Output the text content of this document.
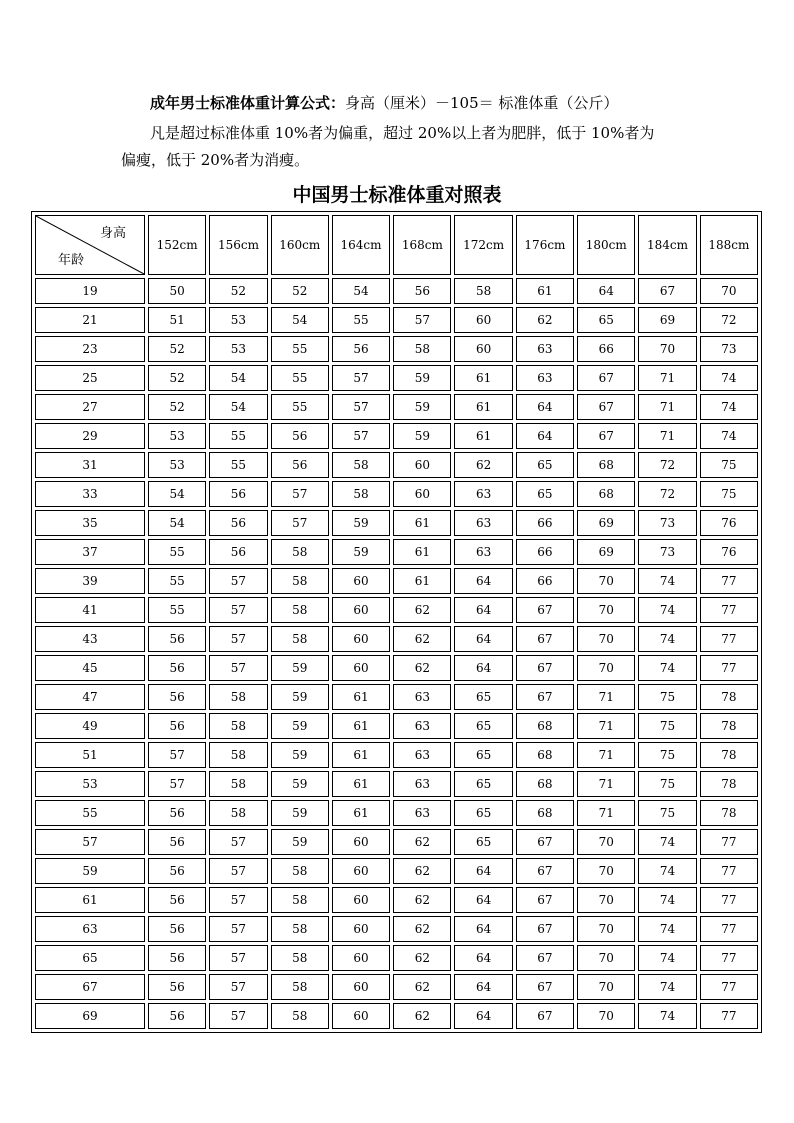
成年男士标准体重计算公式：身高（厘米）－105＝ 标准体重（公斤）
凡是超过标准体重 10%者为偏重，超过 20%以上者为肥胖，低于 10%者为
偏瘦，低于 20%者为消瘦。
中国男士标准体重对照表
身高
年龄	152cm	156cm	160cm	164cm	168cm	172cm	176cm	180cm	184cm	188cm
19	50	52	52	54	56	58	61	64	67	70
21	51	53	54	55	57	60	62	65	69	72
23	52	53	55	56	58	60	63	66	70	73
25	52	54	55	57	59	61	63	67	71	74
27	52	54	55	57	59	61	64	67	71	74
29	53	55	56	57	59	61	64	67	71	74
31	53	55	56	58	60	62	65	68	72	75
33	54	56	57	58	60	63	65	68	72	75
35	54	56	57	59	61	63	66	69	73	76
37	55	56	58	59	61	63	66	69	73	76
39	55	57	58	60	61	64	66	70	74	77
41	55	57	58	60	62	64	67	70	74	77
43	56	57	58	60	62	64	67	70	74	77
45	56	57	59	60	62	64	67	70	74	77
47	56	58	59	61	63	65	67	71	75	78
49	56	58	59	61	63	65	68	71	75	78
51	57	58	59	61	63	65	68	71	75	78
53	57	58	59	61	63	65	68	71	75	78
55	56	58	59	61	63	65	68	71	75	78
57	56	57	59	60	62	65	67	70	74	77
59	56	57	58	60	62	64	67	70	74	77
61	56	57	58	60	62	64	67	70	74	77
63	56	57	58	60	62	64	67	70	74	77
65	56	57	58	60	62	64	67	70	74	77
67	56	57	58	60	62	64	67	70	74	77
69	56	57	58	60	62	64	67	70	74	77
